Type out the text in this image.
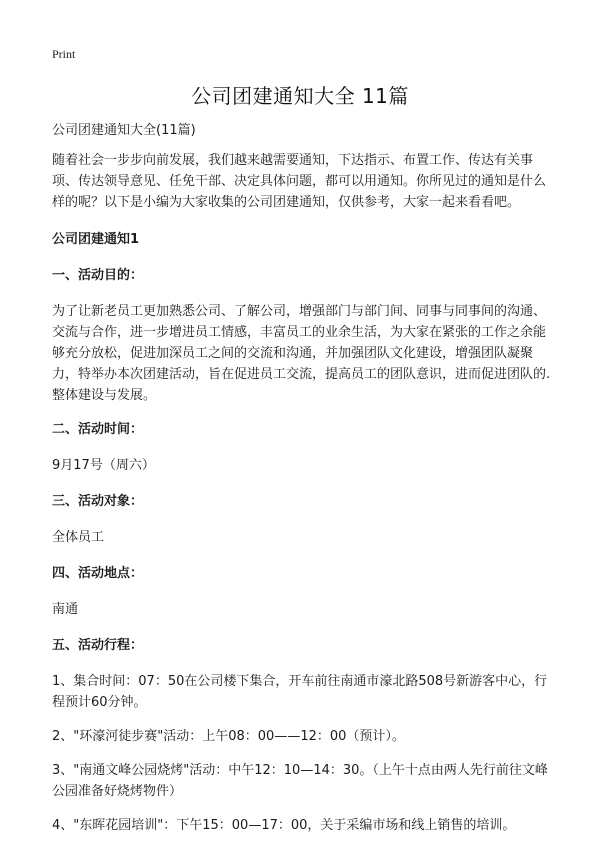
Print
公司团建通知大全 11篇

公司团建通知大全(11篇)

随着社会一步步向前发展，我们越来越需要通知，下达指示、布置工作、传达有关事项、传达领导意见、任免干部、决定具体问题，都可以用通知。你所见过的通知是什么样的呢？以下是小编为大家收集的公司团建通知，仅供参考，大家一起来看看吧。

公司团建通知1

一、活动目的：

为了让新老员工更加熟悉公司、了解公司，增强部门与部门间、同事与同事间的沟通、交流与合作，进一步增进员工情感，丰富员工的业余生活，为大家在紧张的工作之余能够充分放松，促进加深员工之间的交流和沟通，并加强团队文化建设，增强团队凝聚力，特举办本次团建活动，旨在促进员工交流，提高员工的团队意识，进而促进团队的.整体建设与发展。

二、活动时间：

9月17号（周六）

三、活动对象：

全体员工

四、活动地点：

南通

五、活动行程：

1、集合时间：07：50在公司楼下集合，开车前往南通市濠北路508号新游客中心，行程预计60分钟。

2、"环濠河徒步赛"活动：上午08：00——12：00（预计）。

3、"南通文峰公园烧烤"活动：中午12：10—14：30。（上午十点由两人先行前往文峰公园准备好烧烤物件）

4、"东晖花园培训"：下午15：00—17：00，关于采编市场和线上销售的培训。
